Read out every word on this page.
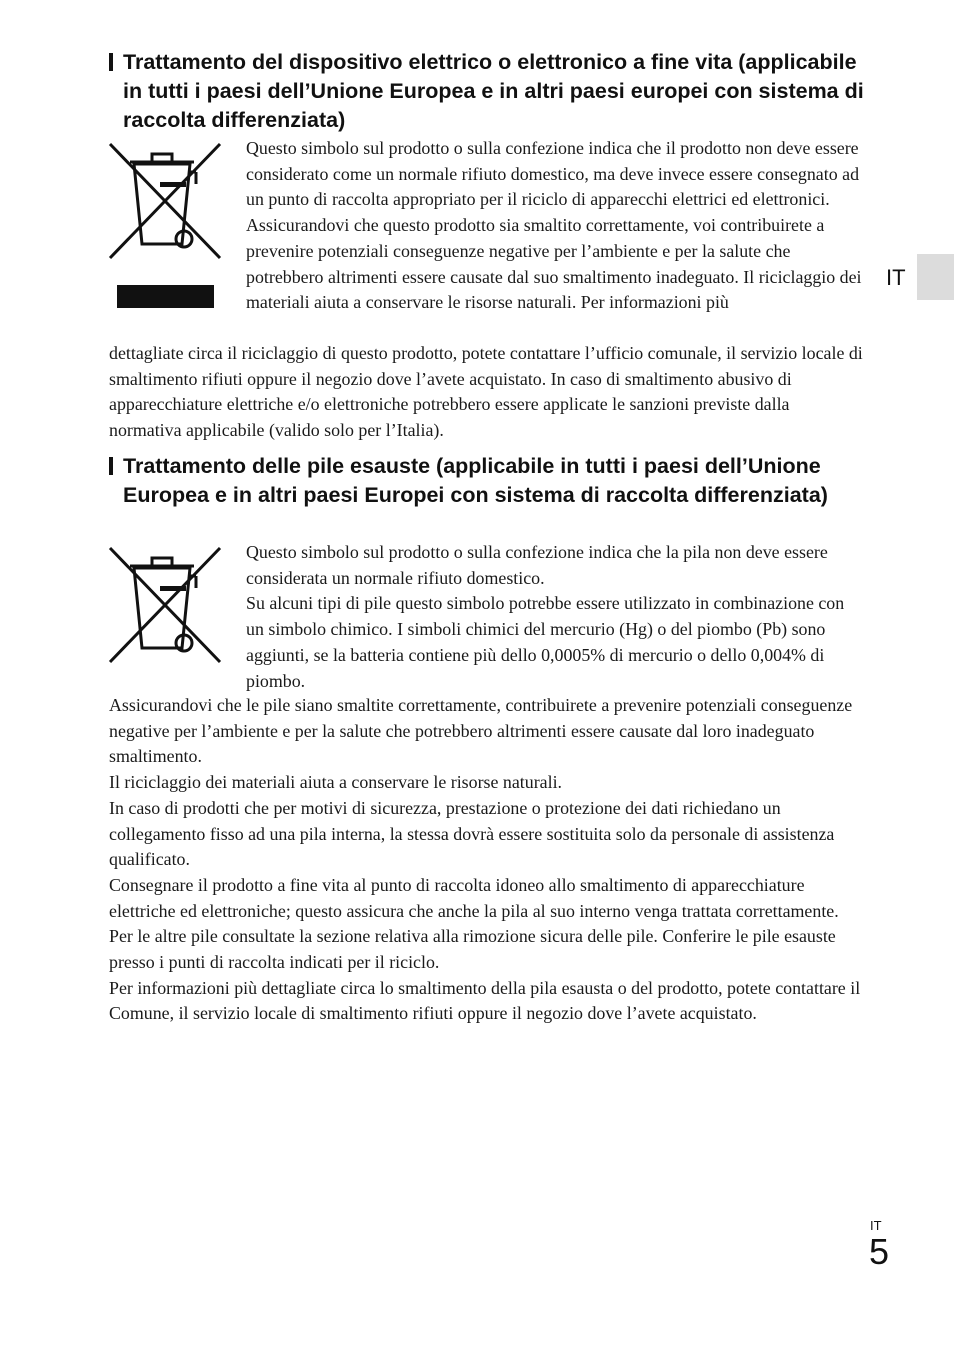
IT
Trattamento del dispositivo elettrico o elettronico a fine vita (applicabile in tutti i paesi dell’Unione Europea e in altri paesi europei con sistema di raccolta differenziata)

Questo simbolo sul prodotto o sulla confezione indica che il prodotto non deve essere considerato come un normale rifiuto domestico, ma deve invece essere consegnato ad un punto di raccolta appropriato per il riciclo di apparecchi elettrici ed elettronici. Assicurandovi che questo prodotto sia smaltito correttamente, voi contribuirete a prevenire potenziali conseguenze negative per l’ambiente e per la salute che potrebbero altrimenti essere causate dal suo smaltimento inadeguato. Il riciclaggio dei materiali aiuta a conservare le risorse naturali. Per informazioni più

dettagliate circa il riciclaggio di questo prodotto, potete contattare l’ufficio comunale, il servizio locale di smaltimento rifiuti oppure il negozio dove l’avete acquistato. In caso di smaltimento abusivo di apparecchiature elettriche e/o elettroniche potrebbero essere applicate le sanzioni previste dalla normativa applicabile (valido solo per l’Italia).

Trattamento delle pile esauste (applicabile in tutti i paesi dell’Unione Europea e in altri paesi Europei con sistema di raccolta differenziata)

Questo simbolo sul prodotto o sulla confezione indica che la pila non deve essere considerata un normale rifiuto domestico.

Su alcuni tipi di pile questo simbolo potrebbe essere utilizzato in combinazione con un simbolo chimico. I simboli chimici del mercurio (Hg) o del piombo (Pb) sono aggiunti, se la batteria contiene più dello 0,0005% di mercurio o dello 0,004% di piombo.

Assicurandovi che le pile siano smaltite correttamente, contribuirete a prevenire potenziali conseguenze negative per l’ambiente e per la salute che potrebbero altrimenti essere causate dal loro inadeguato smaltimento.

Il riciclaggio dei materiali aiuta a conservare le risorse naturali.

In caso di prodotti che per motivi di sicurezza, prestazione o protezione dei dati richiedano un collegamento fisso ad una pila interna, la stessa dovrà essere sostituita solo da personale di assistenza qualificato.

Consegnare il prodotto a fine vita al punto di raccolta idoneo allo smaltimento di apparecchiature elettriche ed elettroniche; questo assicura che anche la pila al suo interno venga trattata correttamente.

Per le altre pile consultate la sezione relativa alla rimozione sicura delle pile. Conferire le pile esauste presso i punti di raccolta indicati per il riciclo.

Per informazioni più dettagliate circa lo smaltimento della pila esausta o del prodotto, potete contattare il Comune, il servizio locale di smaltimento rifiuti oppure il negozio dove l’avete acquistato.

IT
5
